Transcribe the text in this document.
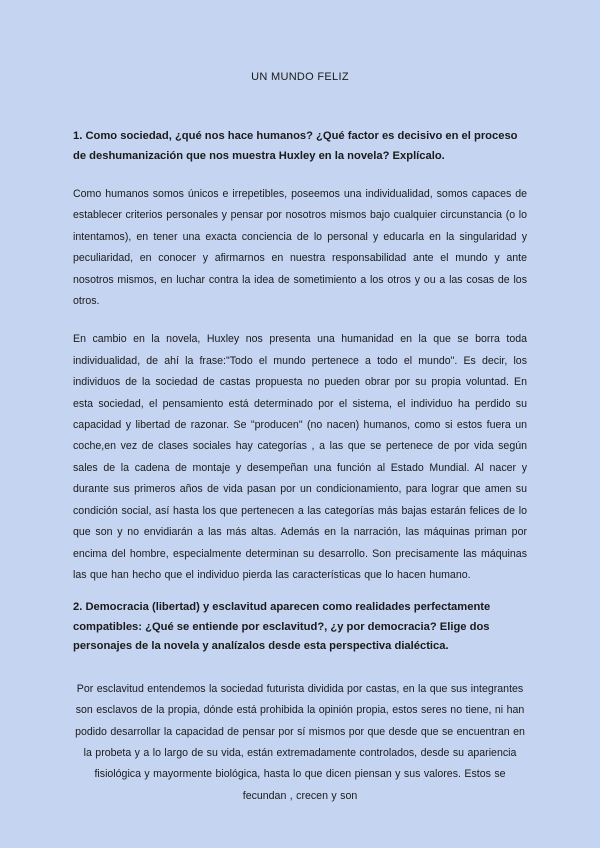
UN MUNDO FELIZ

1. Como sociedad, ¿qué nos hace humanos? ¿Qué factor es decisivo en el proceso de deshumanización que nos muestra Huxley en la novela? Explícalo.

Como humanos somos únicos e irrepetibles, poseemos una individualidad, somos capaces de establecer criterios personales y pensar por nosotros mismos bajo cualquier circunstancia (o lo intentamos), en tener una exacta conciencia de lo personal y educarla en la singularidad y peculiaridad, en conocer y afirmarnos en nuestra responsabilidad ante el mundo y ante nosotros mismos, en luchar contra la idea de sometimiento a los otros y ou a las cosas de los otros.

En cambio en la novela, Huxley nos presenta una humanidad en la que se borra toda individualidad, de ahí la frase:"Todo el mundo pertenece a todo el mundo". Es decir, los individuos de la sociedad de castas propuesta no pueden obrar por su propia voluntad. En esta sociedad, el pensamiento está determinado por el sistema, el individuo ha perdido su capacidad y libertad de razonar. Se "producen" (no nacen) humanos, como si estos fuera un coche,en vez de clases sociales hay categorías , a las que se pertenece de por vida según sales de la cadena de montaje y desempeñan una función al Estado Mundial. Al nacer y durante sus primeros años de vida pasan por un condicionamiento, para lograr que amen su condición social, así hasta los que pertenecen a las categorías más bajas estarán felices de lo que son y no envidiarán a las más altas. Además en la narración, las máquinas priman por encima del hombre, especialmente determinan su desarrollo. Son precisamente las máquinas las que han hecho que el individuo pierda las características que lo hacen humano.

2. Democracia (libertad) y esclavitud aparecen como realidades perfectamente compatibles: ¿Qué se entiende por esclavitud?, ¿y por democracia? Elige dos personajes de la novela y analízalos desde esta perspectiva dialéctica.

Por esclavitud entendemos la sociedad futurista dividida por castas, en la que sus integrantes son esclavos de la propia, dónde está prohibida la opinión propia, estos seres no tiene, ni han podido desarrollar la capacidad de pensar por sí mismos por que desde que se encuentran en la probeta y a lo largo de su vida, están extremadamente controlados, desde su apariencia fisiológica y mayormente biológica, hasta lo que dicen piensan y sus valores. Estos se fecundan , crecen y son
